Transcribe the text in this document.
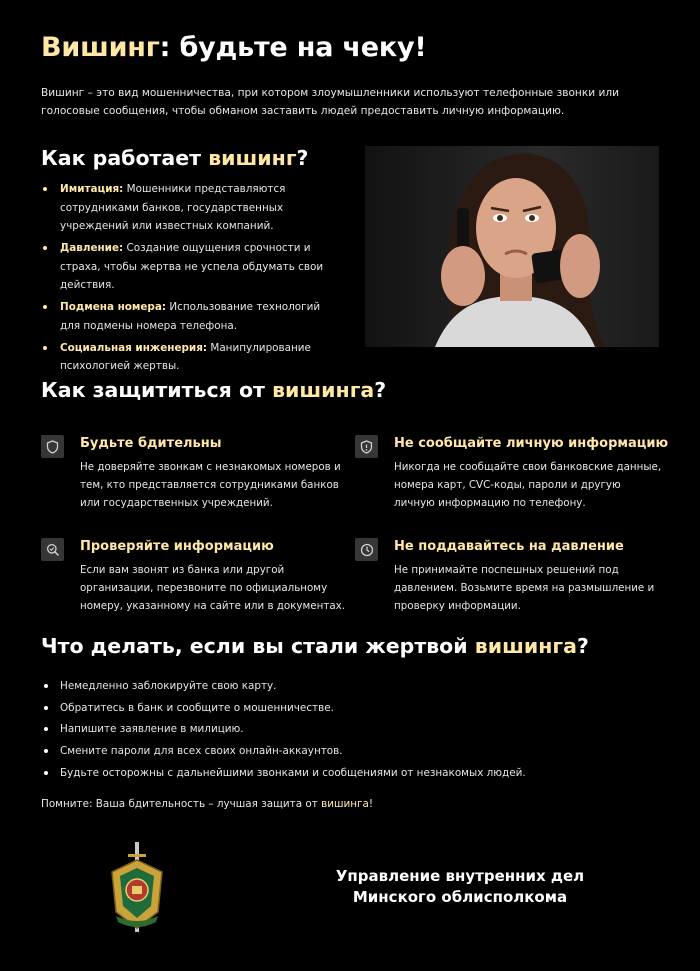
Вишинг: будьте на чеку!

Вишинг – это вид мошенничества, при котором злоумышленники используют телефонные звонки или голосовые сообщения, чтобы обманом заставить людей предоставить личную информацию.

Как работает вишинг?
Имитация: Мошенники представляются сотрудниками банков, государственных учреждений или известных компаний.
Давление: Создание ощущения срочности и страха, чтобы жертва не успела обдумать свои действия.
Подмена номера: Использование технологий для подмены номера телефона.
Социальная инженерия: Манипулирование психологией жертвы.
Как защититься от вишинга?
Будьте бдительны
Не доверяйте звонкам с незнакомых номеров и тем, кто представляется сотрудниками банков или государственных учреждений.
Не сообщайте личную информацию
Никогда не сообщайте свои банковские данные, номера карт, CVC-коды, пароли и другую личную информацию по телефону.
Проверяйте информацию
Если вам звонят из банка или другой организации, перезвоните по официальному номеру, указанному на сайте или в документах.
Не поддавайтесь на давление
Не принимайте поспешных решений под давлением. Возьмите время на размышление и проверку информации.
Что делать, если вы стали жертвой вишинга?
Немедленно заблокируйте свою карту.
Обратитесь в банк и сообщите о мошенничестве.
Напишите заявление в милицию.
Смените пароли для всех своих онлайн-аккаунтов.
Будьте осторожны с дальнейшими звонками и сообщениями от незнакомых людей.

Помните: Ваша бдительность – лучшая защита от вишинга!

Управление внутренних дел
Минского облисполкома
